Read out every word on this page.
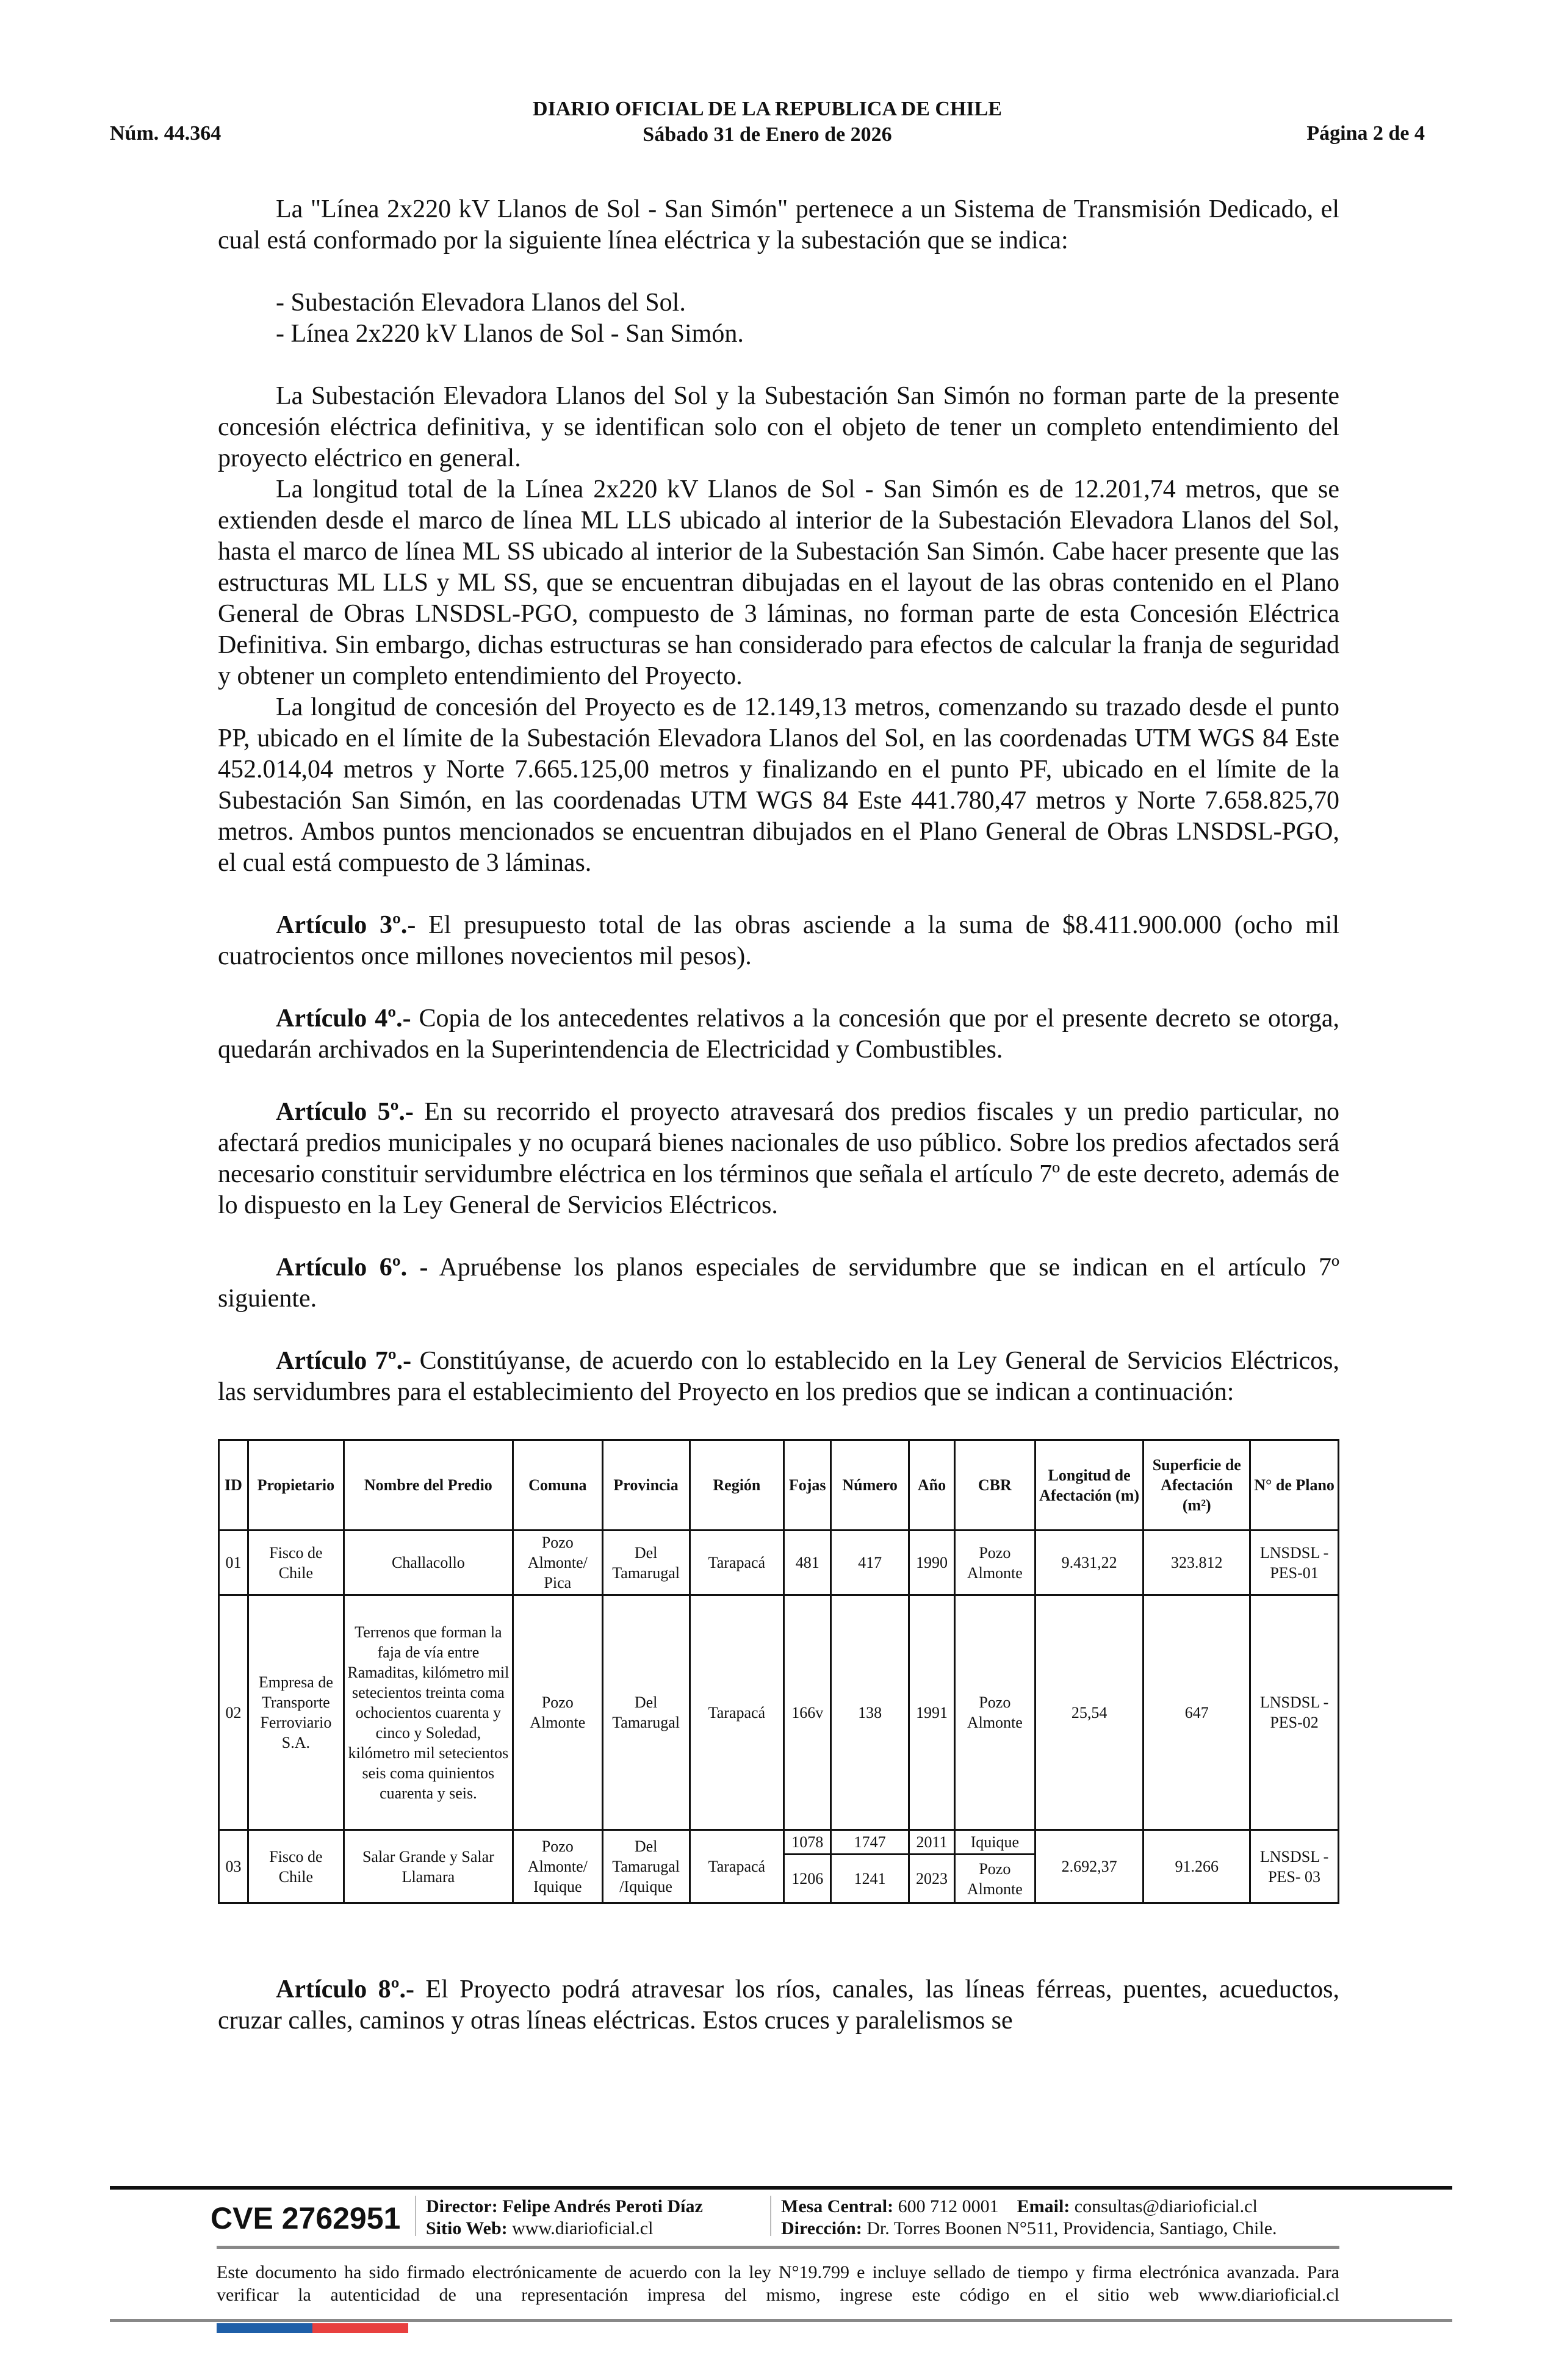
DIARIO OFICIAL DE LA REPUBLICA DE CHILE
Núm. 44.364	Sábado 31 de Enero de 2026	Página 2 de 4

La "Línea 2x220 kV Llanos de Sol - San Simón" pertenece a un Sistema de Transmisión Dedicado, el cual está conformado por la siguiente línea eléctrica y la subestación que se indica:

- Subestación Elevadora Llanos del Sol.

- Línea 2x220 kV Llanos de Sol - San Simón.

La Subestación Elevadora Llanos del Sol y la Subestación San Simón no forman parte de la presente concesión eléctrica definitiva, y se identifican solo con el objeto de tener un completo entendimiento del proyecto eléctrico en general.

La longitud total de la Línea 2x220 kV Llanos de Sol - San Simón es de 12.201,74 metros, que se extienden desde el marco de línea ML LLS ubicado al interior de la Subestación Elevadora Llanos del Sol, hasta el marco de línea ML SS ubicado al interior de la Subestación San Simón. Cabe hacer presente que las estructuras ML LLS y ML SS, que se encuentran dibujadas en el layout de las obras contenido en el Plano General de Obras LNSDSL-PGO, compuesto de 3 láminas, no forman parte de esta Concesión Eléctrica Definitiva. Sin embargo, dichas estructuras se han considerado para efectos de calcular la franja de seguridad y obtener un completo entendimiento del Proyecto.

La longitud de concesión del Proyecto es de 12.149,13 metros, comenzando su trazado desde el punto PP, ubicado en el límite de la Subestación Elevadora Llanos del Sol, en las coordenadas UTM WGS 84 Este 452.014,04 metros y Norte 7.665.125,00 metros y finalizando en el punto PF, ubicado en el límite de la Subestación San Simón, en las coordenadas UTM WGS 84 Este 441.780,47 metros y Norte 7.658.825,70 metros. Ambos puntos mencionados se encuentran dibujados en el Plano General de Obras LNSDSL-PGO, el cual está compuesto de 3 láminas.

Artículo 3º.- El presupuesto total de las obras asciende a la suma de $8.411.900.000 (ocho mil cuatrocientos once millones novecientos mil pesos).

Artículo 4º.- Copia de los antecedentes relativos a la concesión que por el presente decreto se otorga, quedarán archivados en la Superintendencia de Electricidad y Combustibles.

Artículo 5º.- En su recorrido el proyecto atravesará dos predios fiscales y un predio particular, no afectará predios municipales y no ocupará bienes nacionales de uso público. Sobre los predios afectados será necesario constituir servidumbre eléctrica en los términos que señala el artículo 7º de este decreto, además de lo dispuesto en la Ley General de Servicios Eléctricos.

Artículo 6º. - Apruébense los planos especiales de servidumbre que se indican en el artículo 7º siguiente.

Artículo 7º.- Constitúyanse, de acuerdo con lo establecido en la Ley General de Servicios Eléctricos, las servidumbres para el establecimiento del Proyecto en los predios que se indican a continuación:

ID	Propietario	Nombre del Predio	Comuna	Provincia	Región	Fojas	Número	Año	CBR	Longitud de Afectación (m)	Superficie de Afectación (m²)	N° de Plano
01	Fisco de Chile	Challacollo	Pozo Almonte/ Pica	Del Tamarugal	Tarapacá	481	417	1990	Pozo Almonte	9.431,22	323.812	LNSDSL -PES-01
02	Empresa de Transporte Ferroviario S.A.	Terrenos que forman la faja de vía entre Ramaditas, kilómetro mil setecientos treinta coma ochocientos cuarenta y cinco y Soledad, kilómetro mil setecientos seis coma quinientos cuarenta y seis.	Pozo Almonte	Del Tamarugal	Tarapacá	166v	138	1991	Pozo Almonte	25,54	647	LNSDSL -PES-02
03	Fisco de Chile	Salar Grande y Salar Llamara	Pozo Almonte/ Iquique	Del Tamarugal /Iquique	Tarapacá	1078	1747	2011	Iquique	2.692,37	91.266	LNSDSL -PES- 03
						1206	1241	2023	Pozo Almonte			

Artículo 8º.- El Proyecto podrá atravesar los ríos, canales, las líneas férreas, puentes, acueductos, cruzar calles, caminos y otras líneas eléctricas. Estos cruces y paralelismos se

CVE 2762951 Director: Felipe Andrés Peroti Díaz
Sitio Web: www.diarioficial.cl
Mesa Central: 600 712 0001 Email: consultas@diarioficial.cl
Dirección: Dr. Torres Boonen N°511, Providencia, Santiago, Chile.
Este documento ha sido firmado electrónicamente de acuerdo con la ley N°19.799 e incluye sellado de tiempo y firma electrónica avanzada. Para verificar la autenticidad de una representación impresa del mismo, ingrese este código en el sitio web www.diarioficial.cl
